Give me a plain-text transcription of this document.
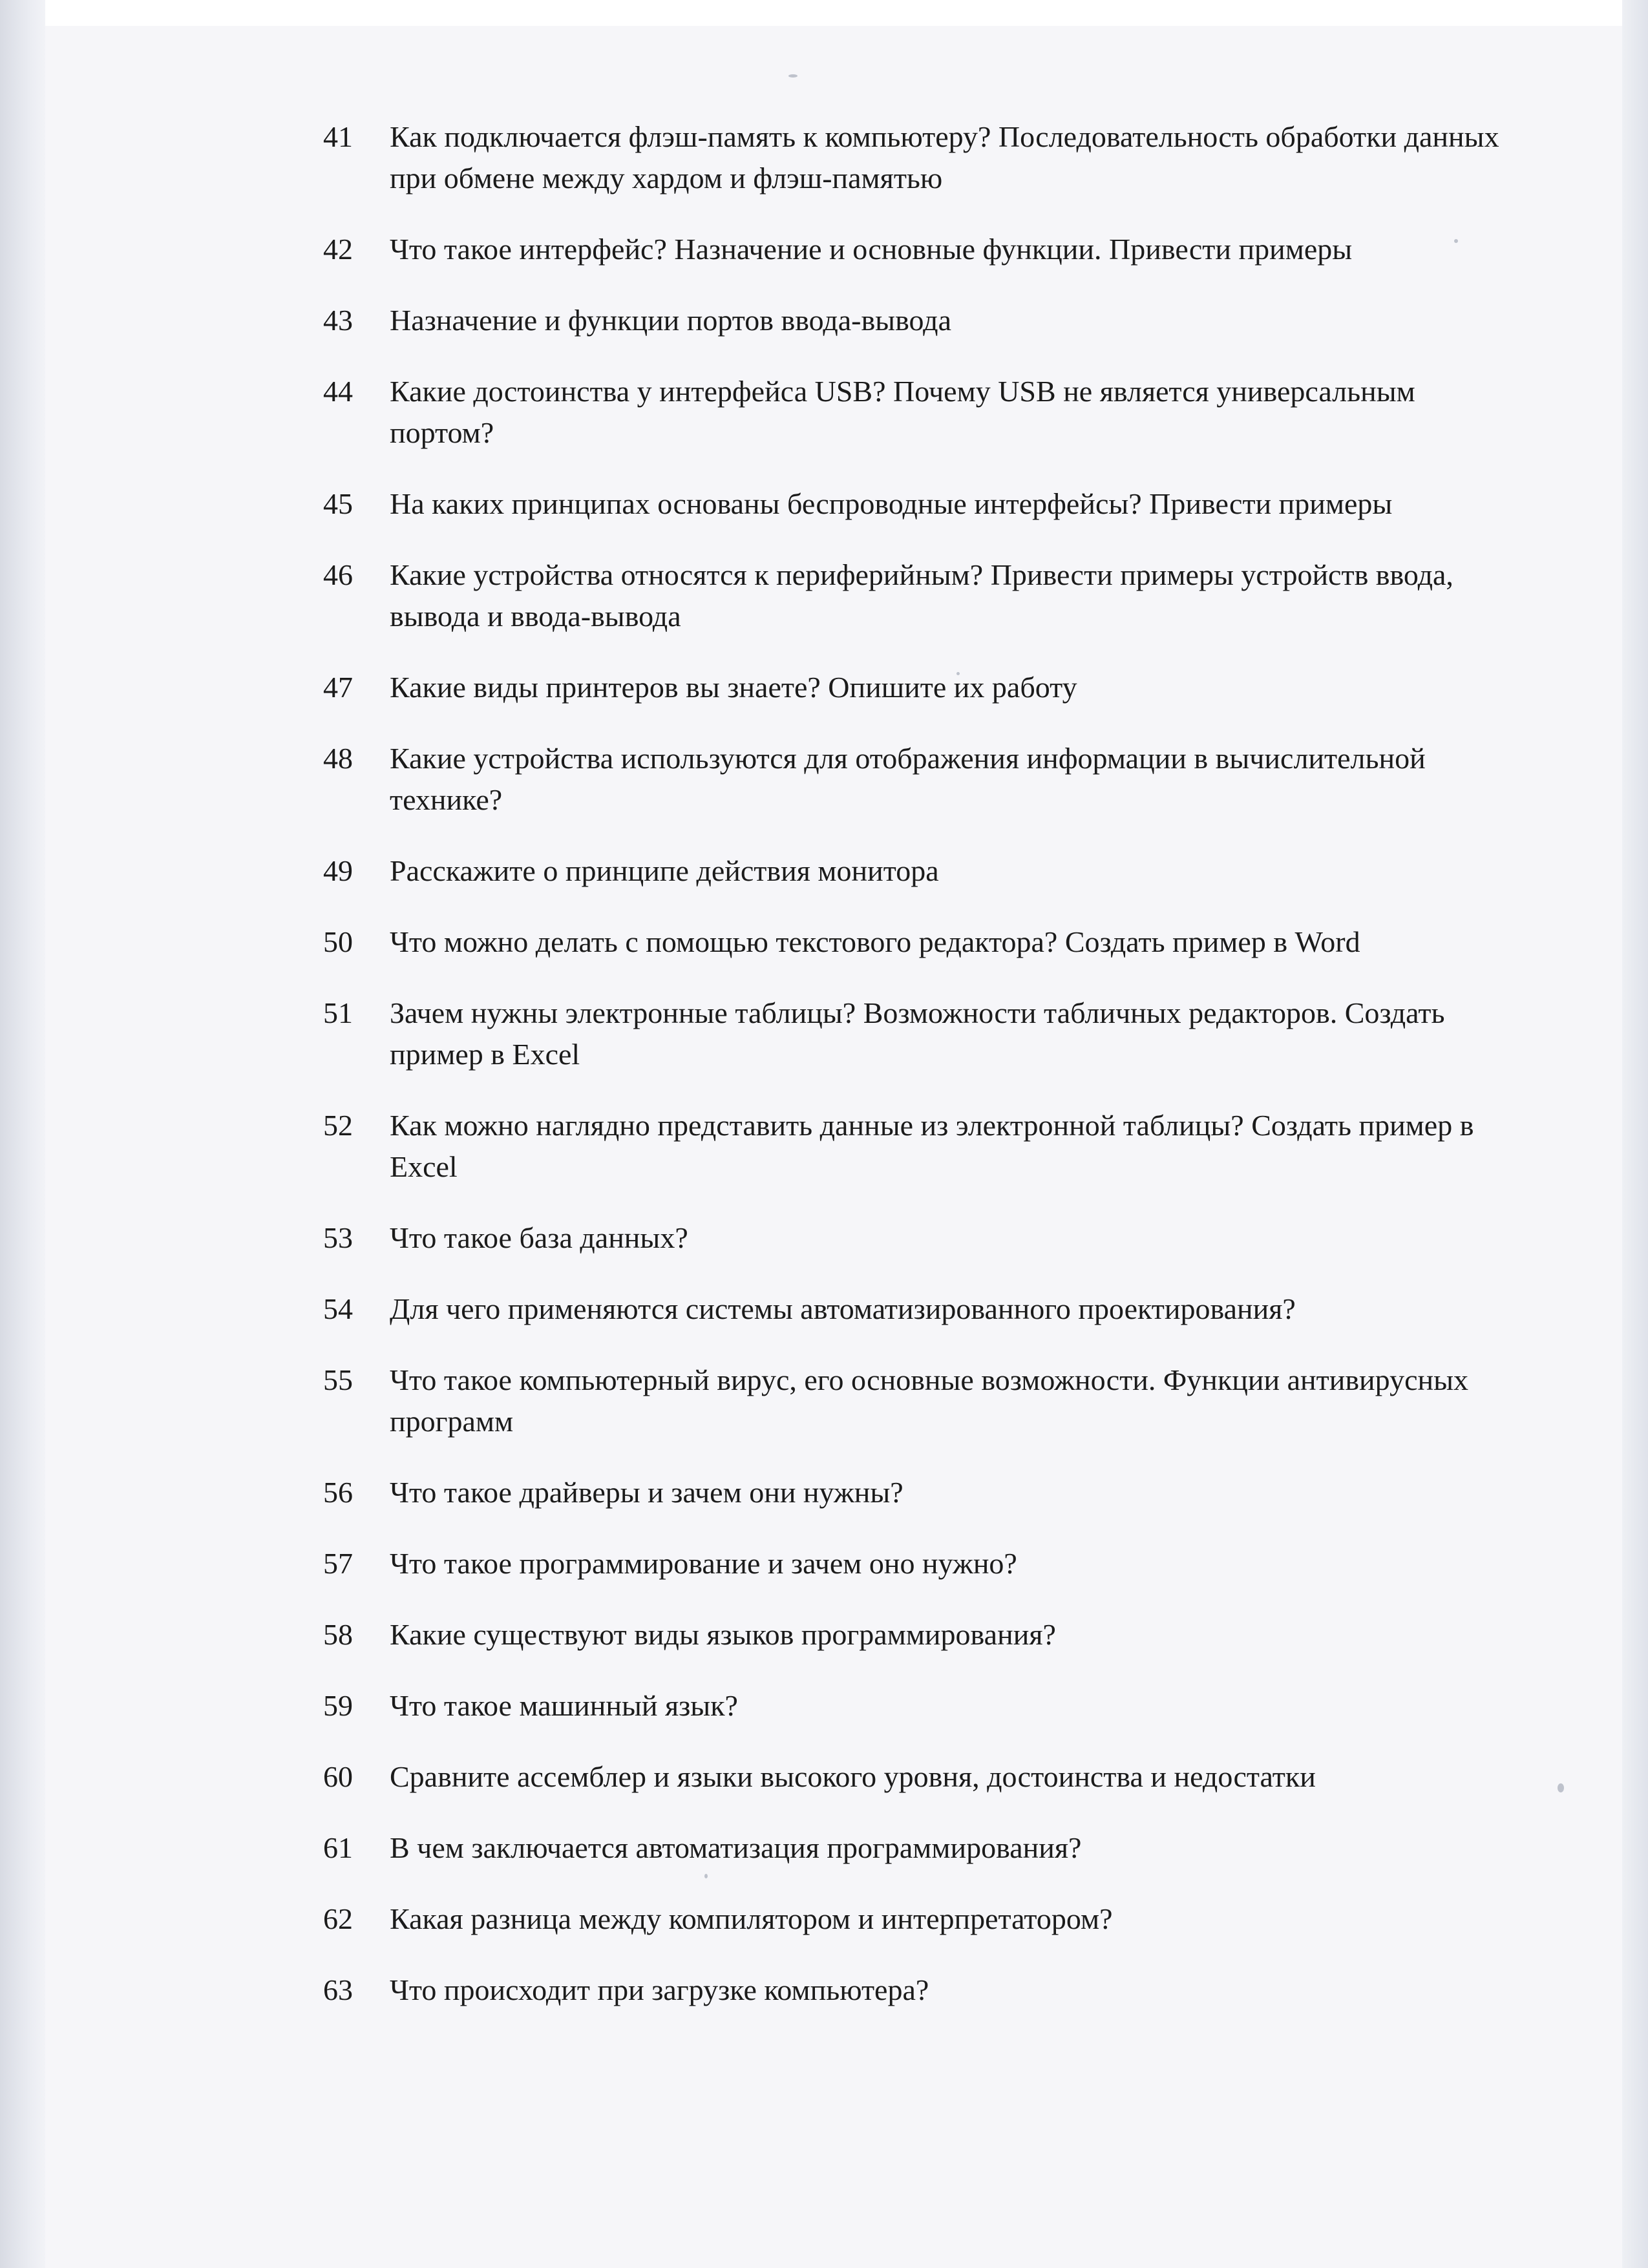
41	Как подключается флэш-память к компьютеру? Последовательность обработки данных при обмене между хардом и флэш-памятью
42	Что такое интерфейс? Назначение и основные функции. Привести примеры
43	Назначение и функции портов ввода-вывода
44	Какие достоинства у интерфейса USB? Почему USB не является универсальным портом?
45	На каких принципах основаны беспроводные интерфейсы? Привести примеры
46	Какие устройства относятся к периферийным? Привести примеры устройств ввода, вывода и ввода-вывода
47	Какие виды принтеров вы знаете? Опишите их работу
48	Какие устройства используются для отображения информации в вычислительной технике?
49	Расскажите о принципе действия монитора
50	Что можно делать с помощью текстового редактора? Создать пример в Word
51	Зачем нужны электронные таблицы? Возможности табличных редакторов. Создать пример в Excel
52	Как можно наглядно представить данные из электронной таблицы? Создать пример в Excel
53	Что такое база данных?
54	Для чего применяются системы автоматизированного проектирования?
55	Что такое компьютерный вирус, его основные возможности. Функции антивирусных программ
56	Что такое драйверы и зачем они нужны?
57	Что такое программирование и зачем оно нужно?
58	Какие существуют виды языков программирования?
59	Что такое машинный язык?
60	Сравните ассемблер и языки высокого уровня, достоинства и недостатки
61	В чем заключается автоматизация программирования?
62	Какая разница между компилятором и интерпретатором?
63	Что происходит при загрузке компьютера?
